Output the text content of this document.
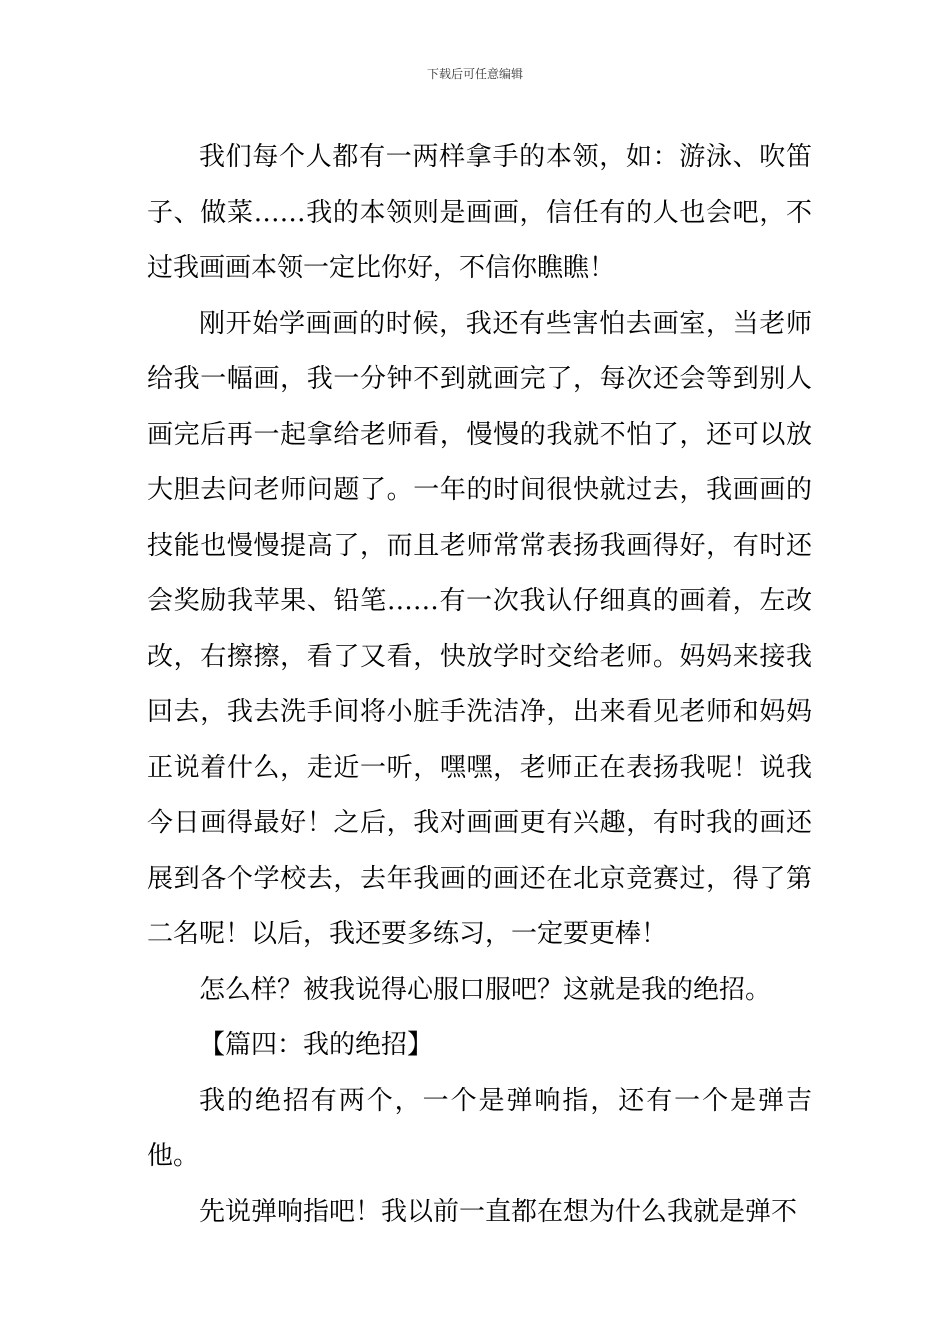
下载后可任意编辑

我们每个人都有一两样拿手的本领，如：游泳、吹笛子、做菜……我的本领则是画画，信任有的人也会吧，不过我画画本领一定比你好，不信你瞧瞧！

刚开始学画画的时候，我还有些害怕去画室，当老师给我一幅画，我一分钟不到就画完了，每次还会等到别人画完后再一起拿给老师看，慢慢的我就不怕了，还可以放大胆去问老师问题了。一年的时间很快就过去，我画画的技能也慢慢提高了，而且老师常常表扬我画得好，有时还会奖励我苹果、铅笔……有一次我认仔细真的画着，左改改，右擦擦，看了又看，快放学时交给老师。妈妈来接我回去，我去洗手间将小脏手洗洁净，出来看见老师和妈妈正说着什么，走近一听，嘿嘿，老师正在表扬我呢！说我今日画得最好！之后，我对画画更有兴趣，有时我的画还展到各个学校去，去年我画的画还在北京竞赛过，得了第二名呢！以后，我还要多练习，一定要更棒！

怎么样？被我说得心服口服吧？这就是我的绝招。

【篇四：我的绝招】

我的绝招有两个，一个是弹响指，还有一个是弹吉他。

先说弹响指吧！我以前一直都在想为什么我就是弹不
